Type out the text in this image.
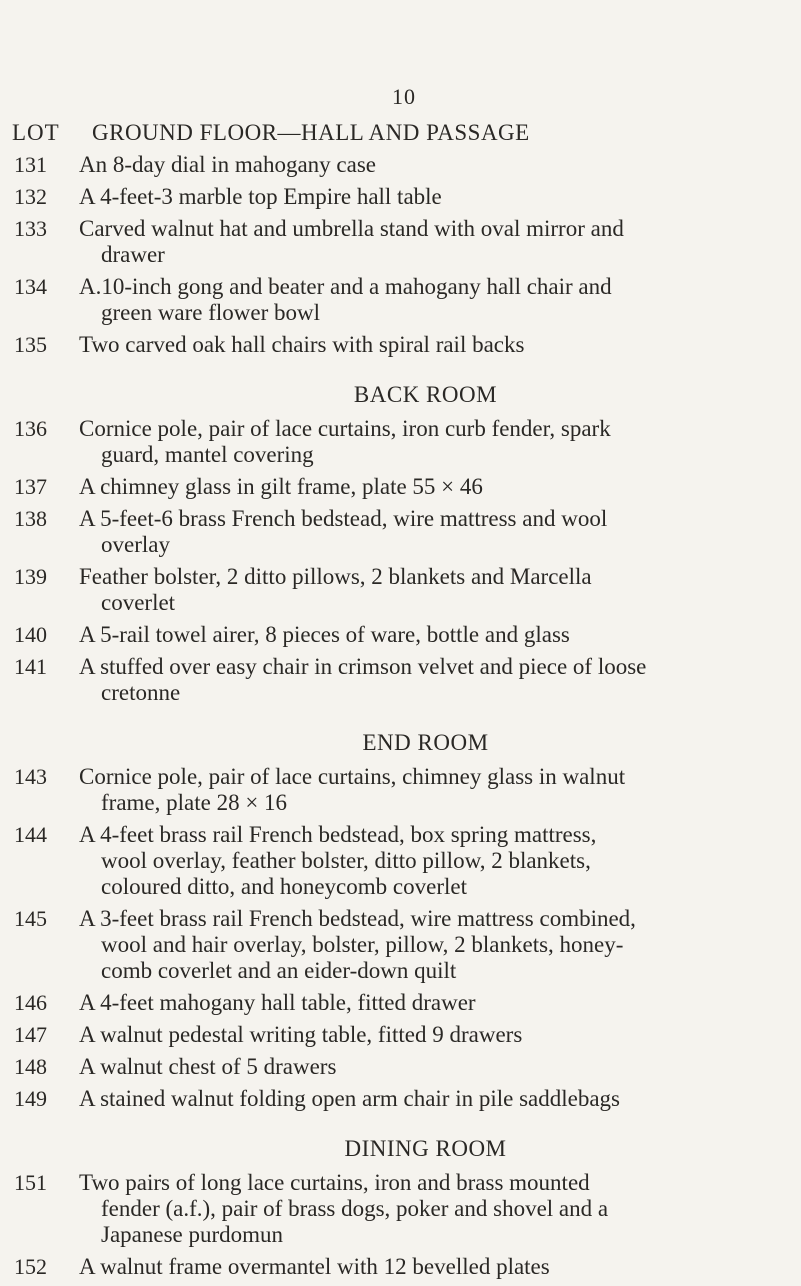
10
LOT GROUND FLOOR—HALL AND PASSAGE
131	An 8-day dial in mahogany case
132	A 4-feet-3 marble top Empire hall table
133	Carved walnut hat and umbrella stand with oval mirror and
drawer
134	A.10-inch gong and beater and a mahogany hall chair and
green ware flower bowl
135	Two carved oak hall chairs with spiral rail backs
BACK ROOM
136	Cornice pole, pair of lace curtains, iron curb fender, spark
guard, mantel covering
137	A chimney glass in gilt frame, plate 55 × 46
138	A 5-feet-6 brass French bedstead, wire mattress and wool
overlay
139	Feather bolster, 2 ditto pillows, 2 blankets and Marcella
coverlet
140	A 5-rail towel airer, 8 pieces of ware, bottle and glass
141	A stuffed over easy chair in crimson velvet and piece of loose
cretonne
END ROOM
143	Cornice pole, pair of lace curtains, chimney glass in walnut
frame, plate 28 × 16
144	A 4-feet brass rail French bedstead, box spring mattress,
wool overlay, feather bolster, ditto pillow, 2 blankets,
coloured ditto, and honeycomb coverlet
145	A 3-feet brass rail French bedstead, wire mattress combined,
wool and hair overlay, bolster, pillow, 2 blankets, honey-
comb coverlet and an eider-down quilt
146	A 4-feet mahogany hall table, fitted drawer
147	A walnut pedestal writing table, fitted 9 drawers
148	A walnut chest of 5 drawers
149	A stained walnut folding open arm chair in pile saddlebags
DINING ROOM
151	Two pairs of long lace curtains, iron and brass mounted
fender (a.f.), pair of brass dogs, poker and shovel and a
Japanese purdomun
152	A walnut frame overmantel with 12 bevelled plates
